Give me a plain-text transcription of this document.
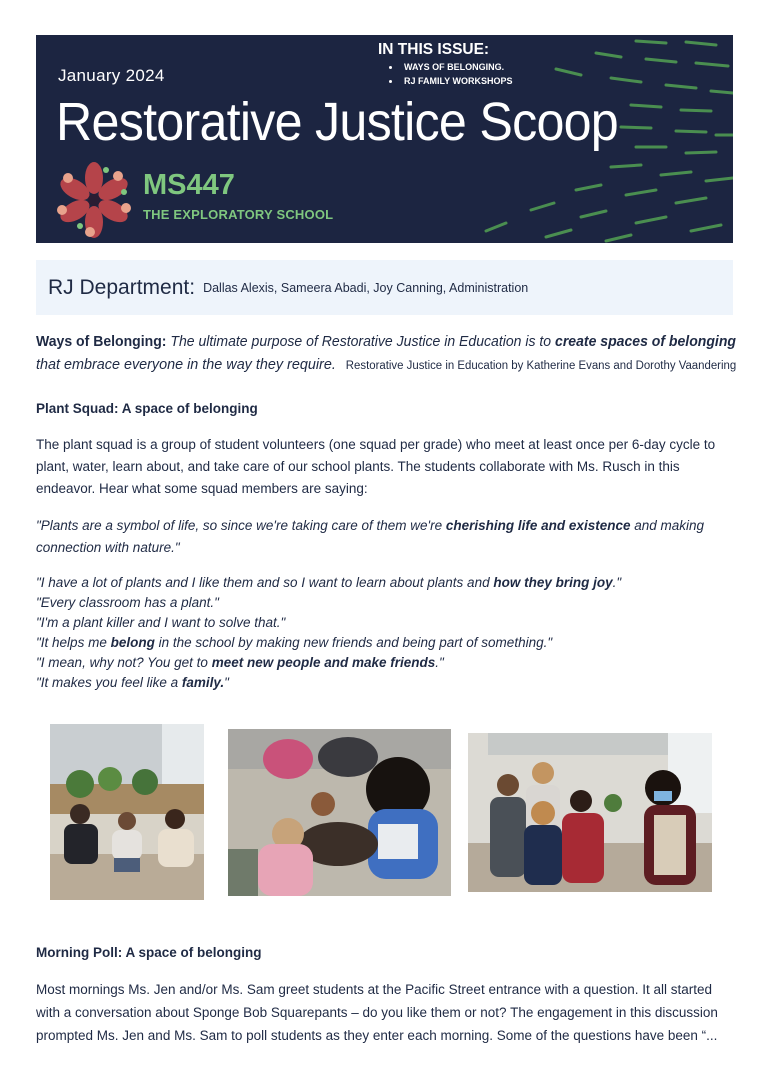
January 2024
IN THIS ISSUE:
WAYS OF BELONGING.
RJ FAMILY WORKSHOPS
Restorative Justice Scoop
MS447
THE EXPLORATORY SCHOOL
RJ Department: Dallas Alexis, Sameera Abadi, Joy Canning, Administration
Ways of Belonging: The ultimate purpose of Restorative Justice in Education is to create spaces of belonging
that embrace everyone in the way they require. Restorative Justice in Education by Katherine Evans and Dorothy Vaandering
Plant Squad: A space of belonging
The plant squad is a group of student volunteers (one squad per grade) who meet at least once per 6-day cycle to
plant, water, learn about, and take care of our school plants. The students collaborate with Ms. Rusch in this
endeavor. Hear what some squad members are saying:
"Plants are a symbol of life, so since we're taking care of them we're cherishing life and existence and making
connection with nature."
"I have a lot of plants and I like them and so I want to learn about plants and how they bring joy."
"Every classroom has a plant."
"I'm a plant killer and I want to solve that."
"It helps me belong in the school by making new friends and being part of something."
"I mean, why not? You get to meet new people and make friends."
"It makes you feel like a family."
Morning Poll: A space of belonging
Most mornings Ms. Jen and/or Ms. Sam greet students at the Pacific Street entrance with a question. It all started
with a conversation about Sponge Bob Squarepants – do you like them or not? The engagement in this discussion
prompted Ms. Jen and Ms. Sam to poll students as they enter each morning. Some of the questions have been “...
